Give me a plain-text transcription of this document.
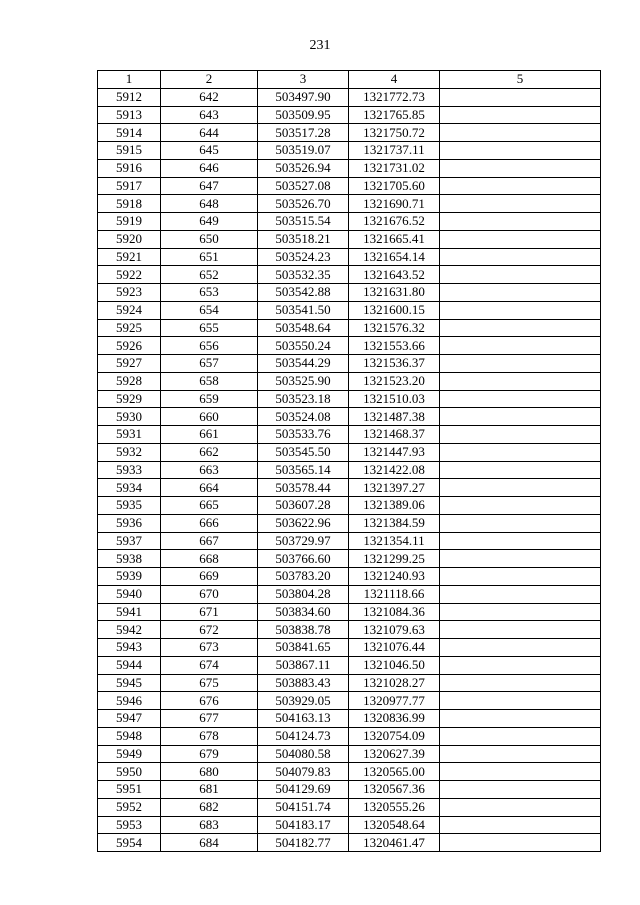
231
1	2	3	4	5
5912	642	503497.90	1321772.73	
5913	643	503509.95	1321765.85	
5914	644	503517.28	1321750.72	
5915	645	503519.07	1321737.11	
5916	646	503526.94	1321731.02	
5917	647	503527.08	1321705.60	
5918	648	503526.70	1321690.71	
5919	649	503515.54	1321676.52	
5920	650	503518.21	1321665.41	
5921	651	503524.23	1321654.14	
5922	652	503532.35	1321643.52	
5923	653	503542.88	1321631.80	
5924	654	503541.50	1321600.15	
5925	655	503548.64	1321576.32	
5926	656	503550.24	1321553.66	
5927	657	503544.29	1321536.37	
5928	658	503525.90	1321523.20	
5929	659	503523.18	1321510.03	
5930	660	503524.08	1321487.38	
5931	661	503533.76	1321468.37	
5932	662	503545.50	1321447.93	
5933	663	503565.14	1321422.08	
5934	664	503578.44	1321397.27	
5935	665	503607.28	1321389.06	
5936	666	503622.96	1321384.59	
5937	667	503729.97	1321354.11	
5938	668	503766.60	1321299.25	
5939	669	503783.20	1321240.93	
5940	670	503804.28	1321118.66	
5941	671	503834.60	1321084.36	
5942	672	503838.78	1321079.63	
5943	673	503841.65	1321076.44	
5944	674	503867.11	1321046.50	
5945	675	503883.43	1321028.27	
5946	676	503929.05	1320977.77	
5947	677	504163.13	1320836.99	
5948	678	504124.73	1320754.09	
5949	679	504080.58	1320627.39	
5950	680	504079.83	1320565.00	
5951	681	504129.69	1320567.36	
5952	682	504151.74	1320555.26	
5953	683	504183.17	1320548.64	
5954	684	504182.77	1320461.47	
